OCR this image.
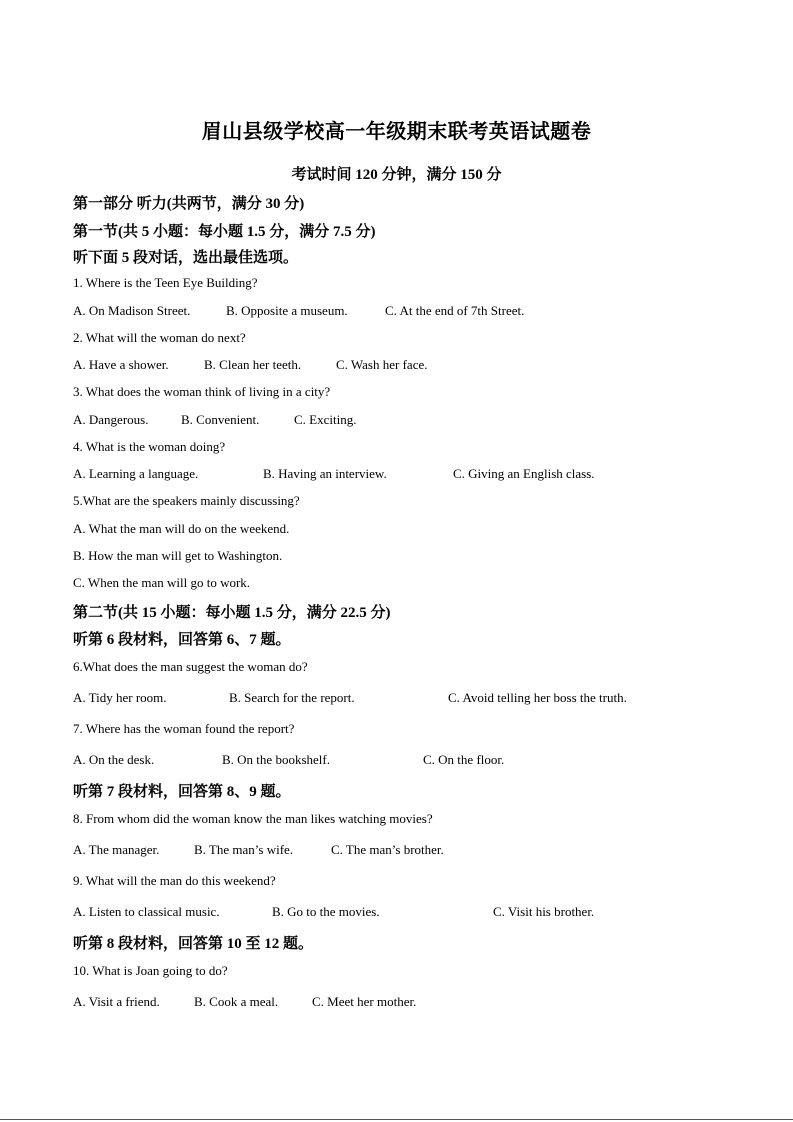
眉山县级学校高一年级期末联考英语试题卷
考试时间 120 分钟，满分 150 分
第一部分 听力(共两节，满分 30 分)
第一节(共 5 小题：每小题 1.5 分，满分 7.5 分)
听下面 5 段对话，选出最佳选项。
1. Where is the Teen Eye Building?
A. On Madison Street.	B. Opposite a museum.	C. At the end of 7th Street.
2. What will the woman do next?
A. Have a shower.	B. Clean her teeth.	C. Wash her face.
3. What does the woman think of living in a city?
A. Dangerous.	B. Convenient.	C. Exciting.
4. What is the woman doing?
A. Learning a language.	B. Having an interview.	C. Giving an English class.
5.What are the speakers mainly discussing?
A. What the man will do on the weekend.
B. How the man will get to Washington.
C. When the man will go to work.
第二节(共 15 小题：每小题 1.5 分，满分 22.5 分)
听第 6 段材料，回答第 6、7 题。
6.What does the man suggest the woman do?
A. Tidy her room.	B. Search for the report.	C. Avoid telling her boss the truth.
7. Where has the woman found the report?
A. On the desk.	B. On the bookshelf.	C. On the floor.
听第 7 段材料，回答第 8、9 题。
8. From whom did the woman know the man likes watching movies?
A. The manager.	B. The man’s wife.	C. The man’s brother.
9. What will the man do this weekend?
A. Listen to classical music.	B. Go to the movies.	C. Visit his brother.
听第 8 段材料，回答第 10 至 12 题。
10. What is Joan going to do?
A. Visit a friend.	B. Cook a meal.	C. Meet her mother.
